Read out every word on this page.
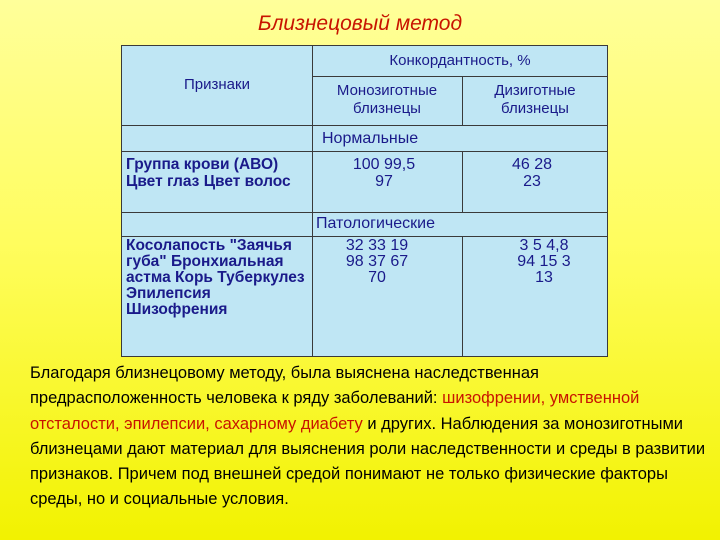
Близнецовый метод
Признаки
Конкордантность, %
Монозиготные близнецы
Дизиготные близнецы
Нормальные
Патологические
Группа крови (АВО) Цвет глаз Цвет волос
100 99,5 97
46 28 23
Косолапость "Заячья губа" Бронхиальная астма Корь Туберкулез Эпилепсия Шизофрения
32 33 19 98 37 67 70
3 5 4,8 94 15 3 13
Благодаря близнецовому методу, была выяснена наследственная предрасположенность человека к ряду заболеваний: шизофрении, умственной отсталости, эпилепсии, сахарному диабету и других. Наблюдения за монозиготными близнецами дают материал для выяснения роли наследственности и среды в развитии признаков. Причем под внешней средой понимают не только физические факторы среды, но и социальные условия.
